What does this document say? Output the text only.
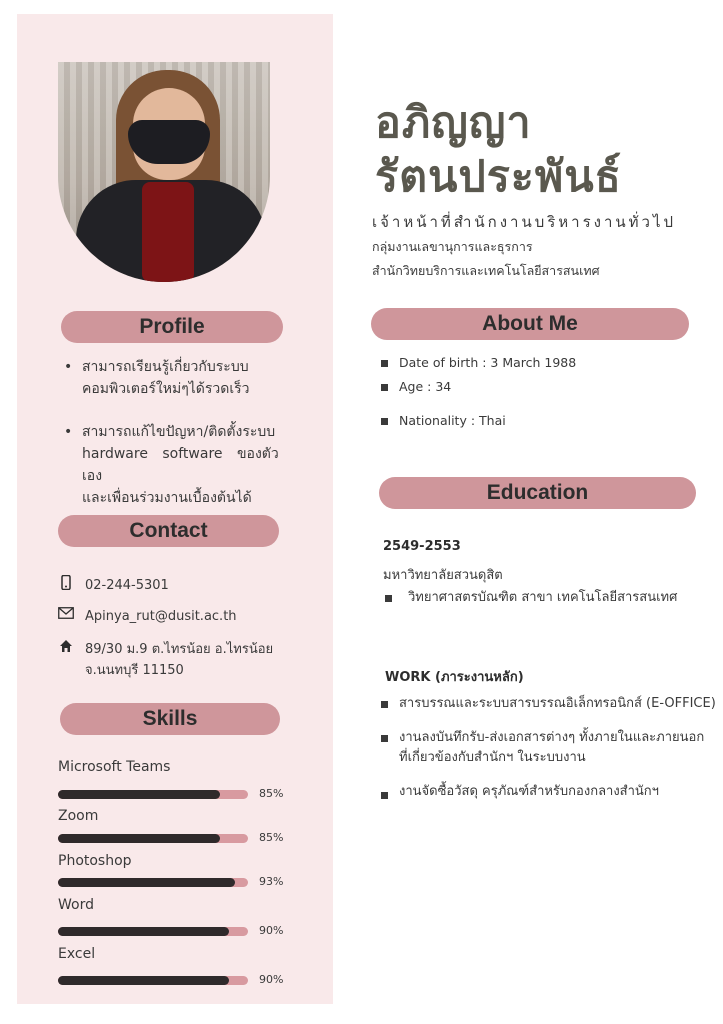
Profile
• สามารถเรียนรู้เกี่ยวกับระบบ
คอมพิวเตอร์ใหม่ๆได้รวดเร็ว
• สามารถแก้ไขปัญหา/ติดตั้งระบบ
hardware software ของตัวเอง
และเพื่อนร่วมงานเบื้องต้นได้
Contact
02-244-5301
Apinya_rut@dusit.ac.th
89/30 ม.9 ต.ไทรน้อย อ.ไทรน้อย
จ.นนทบุรี 11150
Skills
Microsoft Teams
85%
Zoom
85%
Photoshop
93%
Word
90%
Excel
90%
อภิญญา
รัตนประพันธ์
เจ้าหน้าที่สำนักงานบริหารงานทั่วไป
กลุ่มงานเลขานุการและธุรการ
สำนักวิทยบริการและเทคโนโลยีสารสนเทศ
About Me
Date of birth : 3 March 1988
Age : 34
Nationality : Thai
Education
2549-2553
มหาวิทยาลัยสวนดุสิต
วิทยาศาสตรบัณฑิต สาขา เทคโนโลยีสารสนเทศ
WORK (ภาระงานหลัก)
สารบรรณและระบบสารบรรณอิเล็กทรอนิกส์ (E-OFFICE)
งานลงบันทึกรับ-ส่งเอกสารต่างๆ ทั้งภายในและภายนอก
ที่เกี่ยวข้องกับสำนักฯ ในระบบงาน
งานจัดซื้อวัสดุ ครุภัณฑ์สำหรับกองกลางสำนักฯ
